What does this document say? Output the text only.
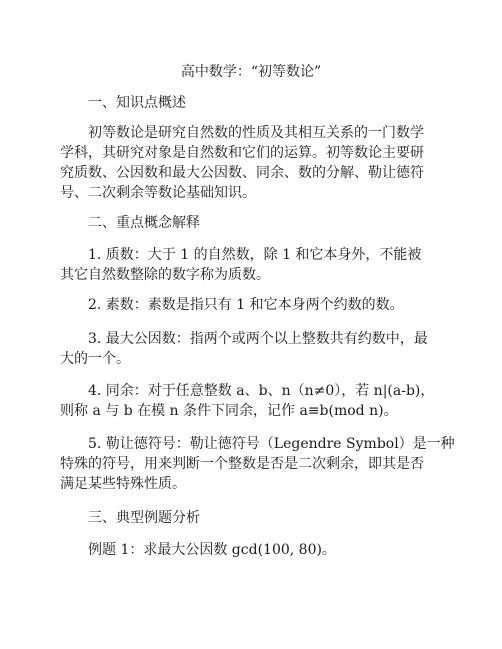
高中数学：“初等数论”
一、知识点概述
初等数论是研究自然数的性质及其相互关系的一门数学
学科，其研究对象是自然数和它们的运算。初等数论主要研
究质数、公因数和最大公因数、同余、数的分解、勒让德符
号、二次剩余等数论基础知识。
二、重点概念解释
1. 质数：大于 1 的自然数，除 1 和它本身外，不能被
其它自然数整除的数字称为质数。
2. 素数：素数是指只有 1 和它本身两个约数的数。
3. 最大公因数：指两个或两个以上整数共有约数中，最
大的一个。
4. 同余：对于任意整数 a、b、n（n≠0），若 n|(a-b)，
则称 a 与 b 在模 n 条件下同余，记作 a≡b(mod n)。
5. 勒让德符号：勒让德符号（Legendre Symbol）是一种
特殊的符号，用来判断一个整数是否是二次剩余，即其是否
满足某些特殊性质。
三、典型例题分析
例题 1：求最大公因数 gcd(100, 80)。
